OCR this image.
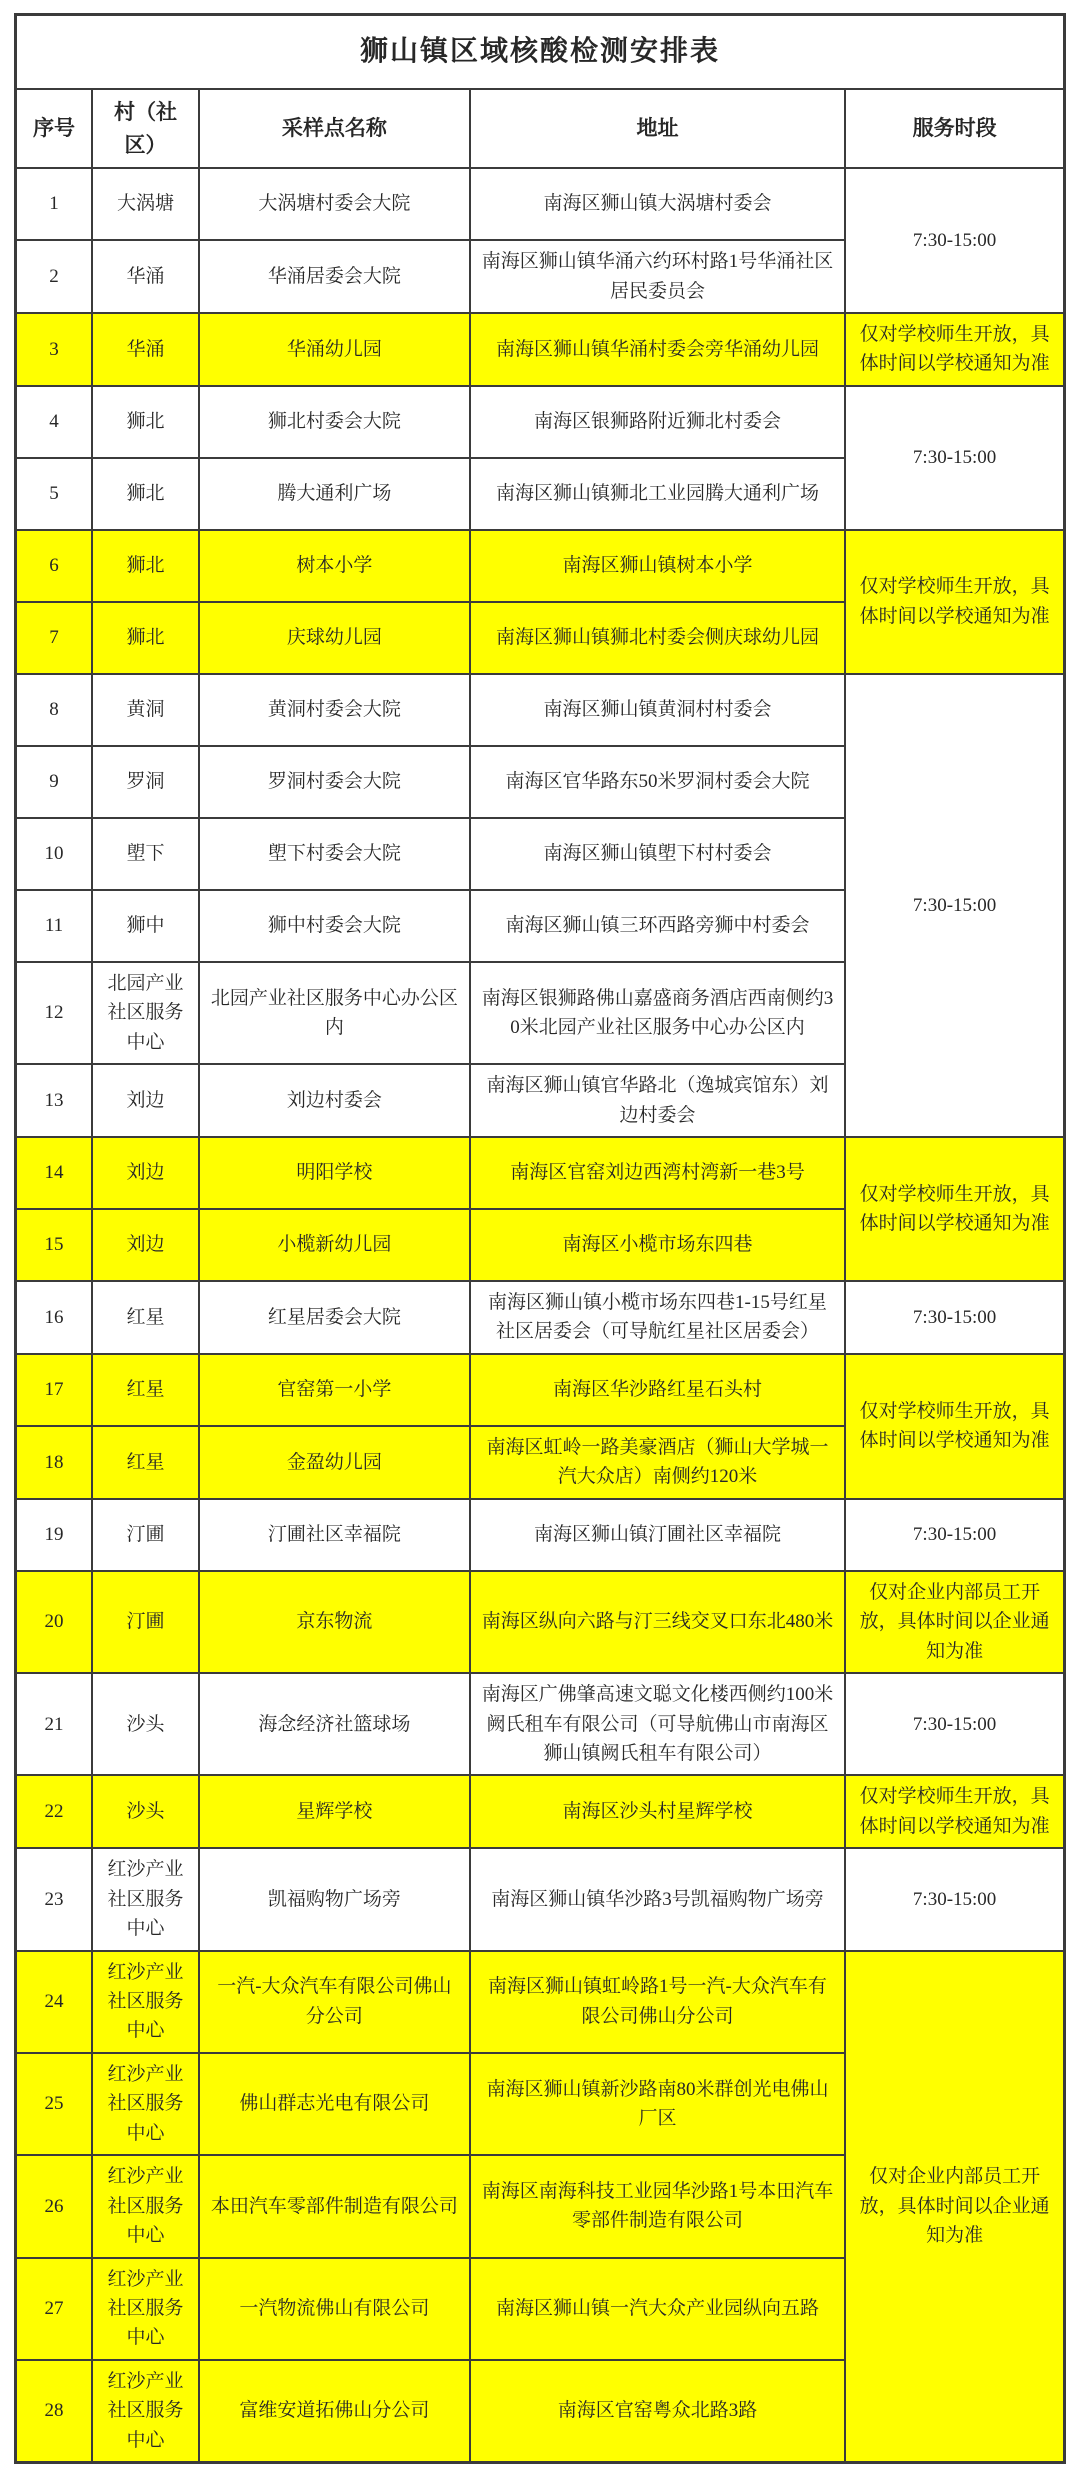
狮山镇区域核酸检测安排表				
序号	村（社区）	采样点名称	地址	服务时段
1	大涡塘	大涡塘村委会大院	南海区狮山镇大涡塘村委会	7:30-15:00
2	华涌	华涌居委会大院	南海区狮山镇华涌六约环村路1号华涌社区居民委员会	
3	华涌	华涌幼儿园	南海区狮山镇华涌村委会旁华涌幼儿园	仅对学校师生开放，具体时间以学校通知为准
4	狮北	狮北村委会大院	南海区银狮路附近狮北村委会	7:30-15:00
5	狮北	腾大通利广场	南海区狮山镇狮北工业园腾大通利广场	
6	狮北	树本小学	南海区狮山镇树本小学	仅对学校师生开放，具体时间以学校通知为准
7	狮北	庆球幼儿园	南海区狮山镇狮北村委会侧庆球幼儿园	
8	黄洞	黄洞村委会大院	南海区狮山镇黄洞村村委会	7:30-15:00
9	罗洞	罗洞村委会大院	南海区官华路东50米罗洞村委会大院	
10	塱下	塱下村委会大院	南海区狮山镇塱下村村委会	
11	狮中	狮中村委会大院	南海区狮山镇三环西路旁狮中村委会	
12	北园产业社区服务中心	北园产业社区服务中心办公区内	南海区银狮路佛山嘉盛商务酒店西南侧约30米北园产业社区服务中心办公区内	
13	刘边	刘边村委会	南海区狮山镇官华路北（逸城宾馆东）刘边村委会	
14	刘边	明阳学校	南海区官窑刘边西湾村湾新一巷3号	仅对学校师生开放，具体时间以学校通知为准
15	刘边	小榄新幼儿园	南海区小榄市场东四巷	
16	红星	红星居委会大院	南海区狮山镇小榄市场东四巷1-15号红星社区居委会（可导航红星社区居委会）	7:30-15:00
17	红星	官窑第一小学	南海区华沙路红星石头村	仅对学校师生开放，具体时间以学校通知为准
18	红星	金盈幼儿园	南海区虹岭一路美豪酒店（狮山大学城一汽大众店）南侧约120米	
19	汀圃	汀圃社区幸福院	南海区狮山镇汀圃社区幸福院	7:30-15:00
20	汀圃	京东物流	南海区纵向六路与汀三线交叉口东北480米	仅对企业内部员工开放，具体时间以企业通知为准
21	沙头	海念经济社篮球场	南海区广佛肇高速文聪文化楼西侧约100米阙氏租车有限公司（可导航佛山市南海区狮山镇阙氏租车有限公司）	7:30-15:00
22	沙头	星辉学校	南海区沙头村星辉学校	仅对学校师生开放，具体时间以学校通知为准
23	红沙产业社区服务中心	凯福购物广场旁	南海区狮山镇华沙路3号凯福购物广场旁	7:30-15:00
24	红沙产业社区服务中心	一汽-大众汽车有限公司佛山分公司	南海区狮山镇虹岭路1号一汽-大众汽车有限公司佛山分公司	仅对企业内部员工开放，具体时间以企业通知为准
25	红沙产业社区服务中心	佛山群志光电有限公司	南海区狮山镇新沙路南80米群创光电佛山厂区	
26	红沙产业社区服务中心	本田汽车零部件制造有限公司	南海区南海科技工业园华沙路1号本田汽车零部件制造有限公司	
27	红沙产业社区服务中心	一汽物流佛山有限公司	南海区狮山镇一汽大众产业园纵向五路	
28	红沙产业社区服务中心	富维安道拓佛山分公司	南海区官窑粤众北路3路	
